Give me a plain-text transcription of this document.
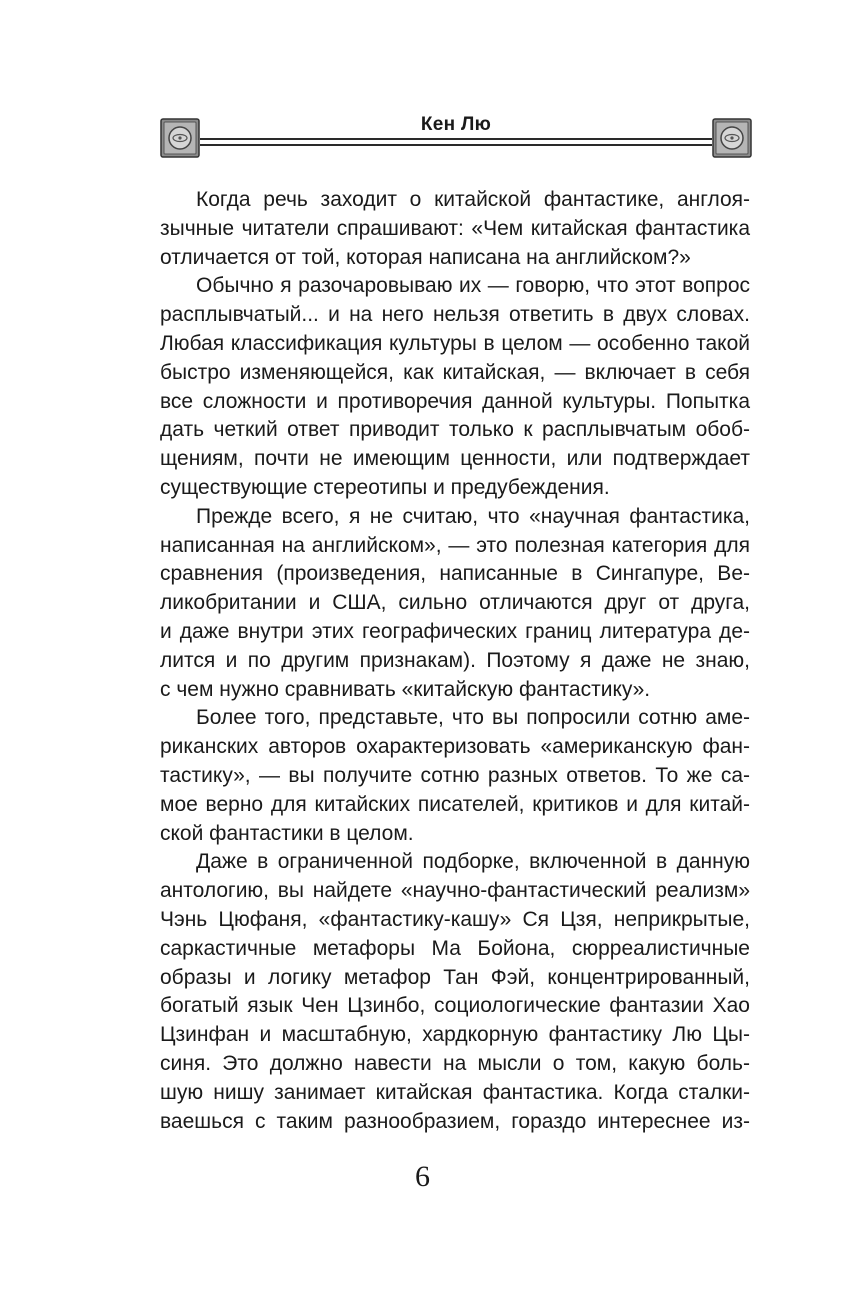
Кен Лю

Когда речь заходит о китайской фантастике, англоя-
зычные читатели спрашивают: «Чем китайская фантастика
отличается от той, которая написана на английском?»

Обычно я разочаровываю их — говорю, что этот вопрос
расплывчатый... и на него нельзя ответить в двух словах.
Любая классификация культуры в целом — особенно такой
быстро изменяющейся, как китайская, — включает в себя
все сложности и противоречия данной культуры. Попытка
дать четкий ответ приводит только к расплывчатым обоб-
щениям, почти не имеющим ценности, или подтверждает
существующие стереотипы и предубеждения.

Прежде всего, я не считаю, что «научная фантастика,
написанная на английском», — это полезная категория для
сравнения (произведения, написанные в Сингапуре, Ве-
ликобритании и США, сильно отличаются друг от друга,
и даже внутри этих географических границ литература де-
лится и по другим признакам). Поэтому я даже не знаю,
с чем нужно сравнивать «китайскую фантастику».

Более того, представьте, что вы попросили сотню аме-
риканских авторов охарактеризовать «американскую фан-
тастику», — вы получите сотню разных ответов. То же са-
мое верно для китайских писателей, критиков и для китай-
ской фантастики в целом.

Даже в ограниченной подборке, включенной в данную
антологию, вы найдете «научно-фантастический реализм»
Чэнь Цюфаня, «фантастику-кашу» Ся Цзя, неприкрытые,
саркастичные метафоры Ма Бойона, сюрреалистичные
образы и логику метафор Тан Фэй, концентрированный,
богатый язык Чен Цзинбо, социологические фантазии Хао
Цзинфан и масштабную, хардкорную фантастику Лю Цы-
синя. Это должно навести на мысли о том, какую боль-
шую нишу занимает китайская фантастика. Когда сталки-
ваешься с таким разнообразием, гораздо интереснее из-

6
